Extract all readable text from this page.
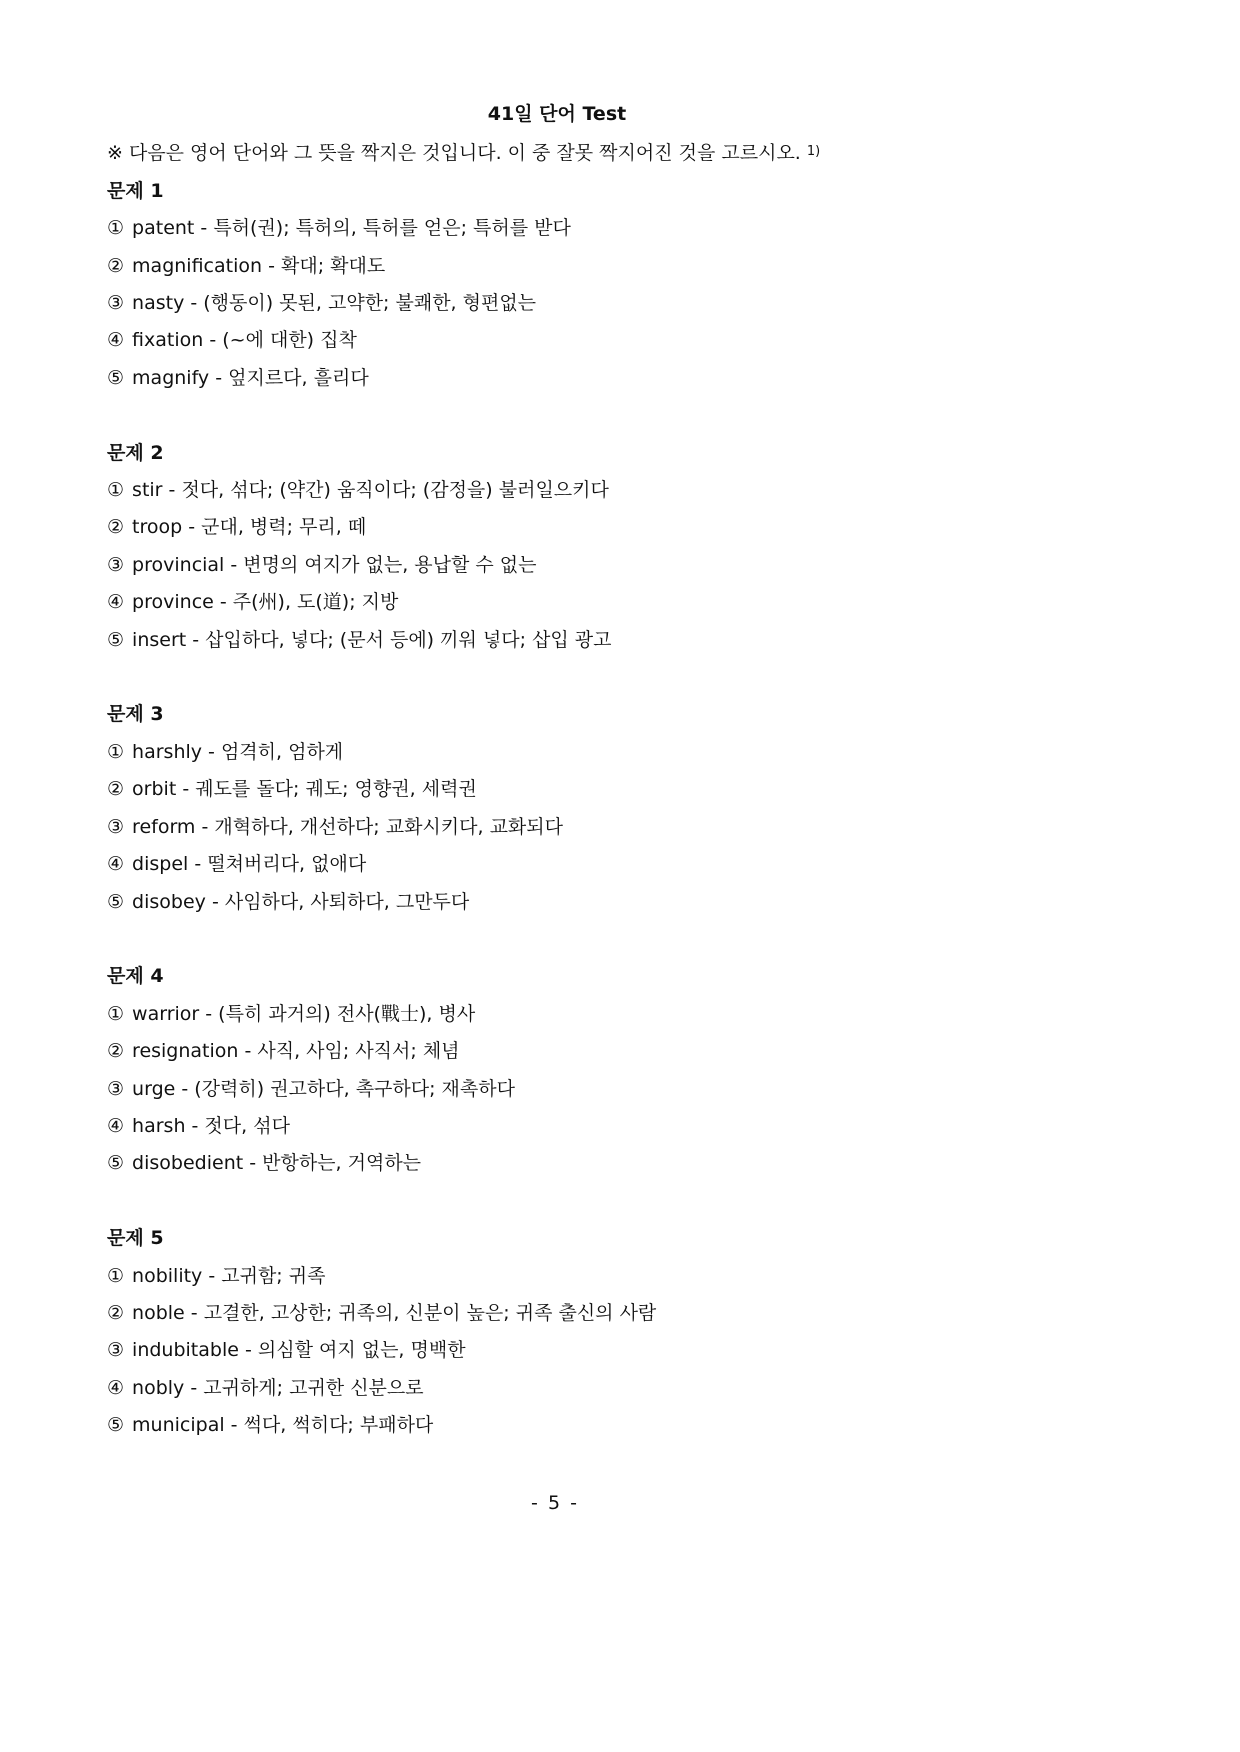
41일 단어 Test
※ 다음은 영어 단어와 그 뜻을 짝지은 것입니다. 이 중 잘못 짝지어진 것을 고르시오. $^{1)}$
문제 1
① patent - 특허(권); 특허의, 특허를 얻은; 특허를 받다
② magnification - 확대; 확대도
③ nasty - (행동이) 못된, 고약한; 불쾌한, 형편없는
④ fixation - (~에 대한) 집착
⑤ magnify - 엎지르다, 흘리다
문제 2
① stir - 젓다, 섞다; (약간) 움직이다; (감정을) 불러일으키다
② troop - 군대, 병력; 무리, 떼
③ provincial - 변명의 여지가 없는, 용납할 수 없는
④ province - 주(州), 도(道); 지방
⑤ insert - 삽입하다, 넣다; (문서 등에) 끼워 넣다; 삽입 광고
문제 3
① harshly - 엄격히, 엄하게
② orbit - 궤도를 돌다; 궤도; 영향권, 세력권
③ reform - 개혁하다, 개선하다; 교화시키다, 교화되다
④ dispel - 떨쳐버리다, 없애다
⑤ disobey - 사임하다, 사퇴하다, 그만두다
문제 4
① warrior - (특히 과거의) 전사(戰士), 병사
② resignation - 사직, 사임; 사직서; 체념
③ urge - (강력히) 권고하다, 촉구하다; 재촉하다
④ harsh - 젓다, 섞다
⑤ disobedient - 반항하는, 거역하는
문제 5
① nobility - 고귀함; 귀족
② noble - 고결한, 고상한; 귀족의, 신분이 높은; 귀족 출신의 사람
③ indubitable - 의심할 여지 없는, 명백한
④ nobly - 고귀하게; 고귀한 신분으로
⑤ municipal - 썩다, 썩히다; 부패하다
- 5 -
